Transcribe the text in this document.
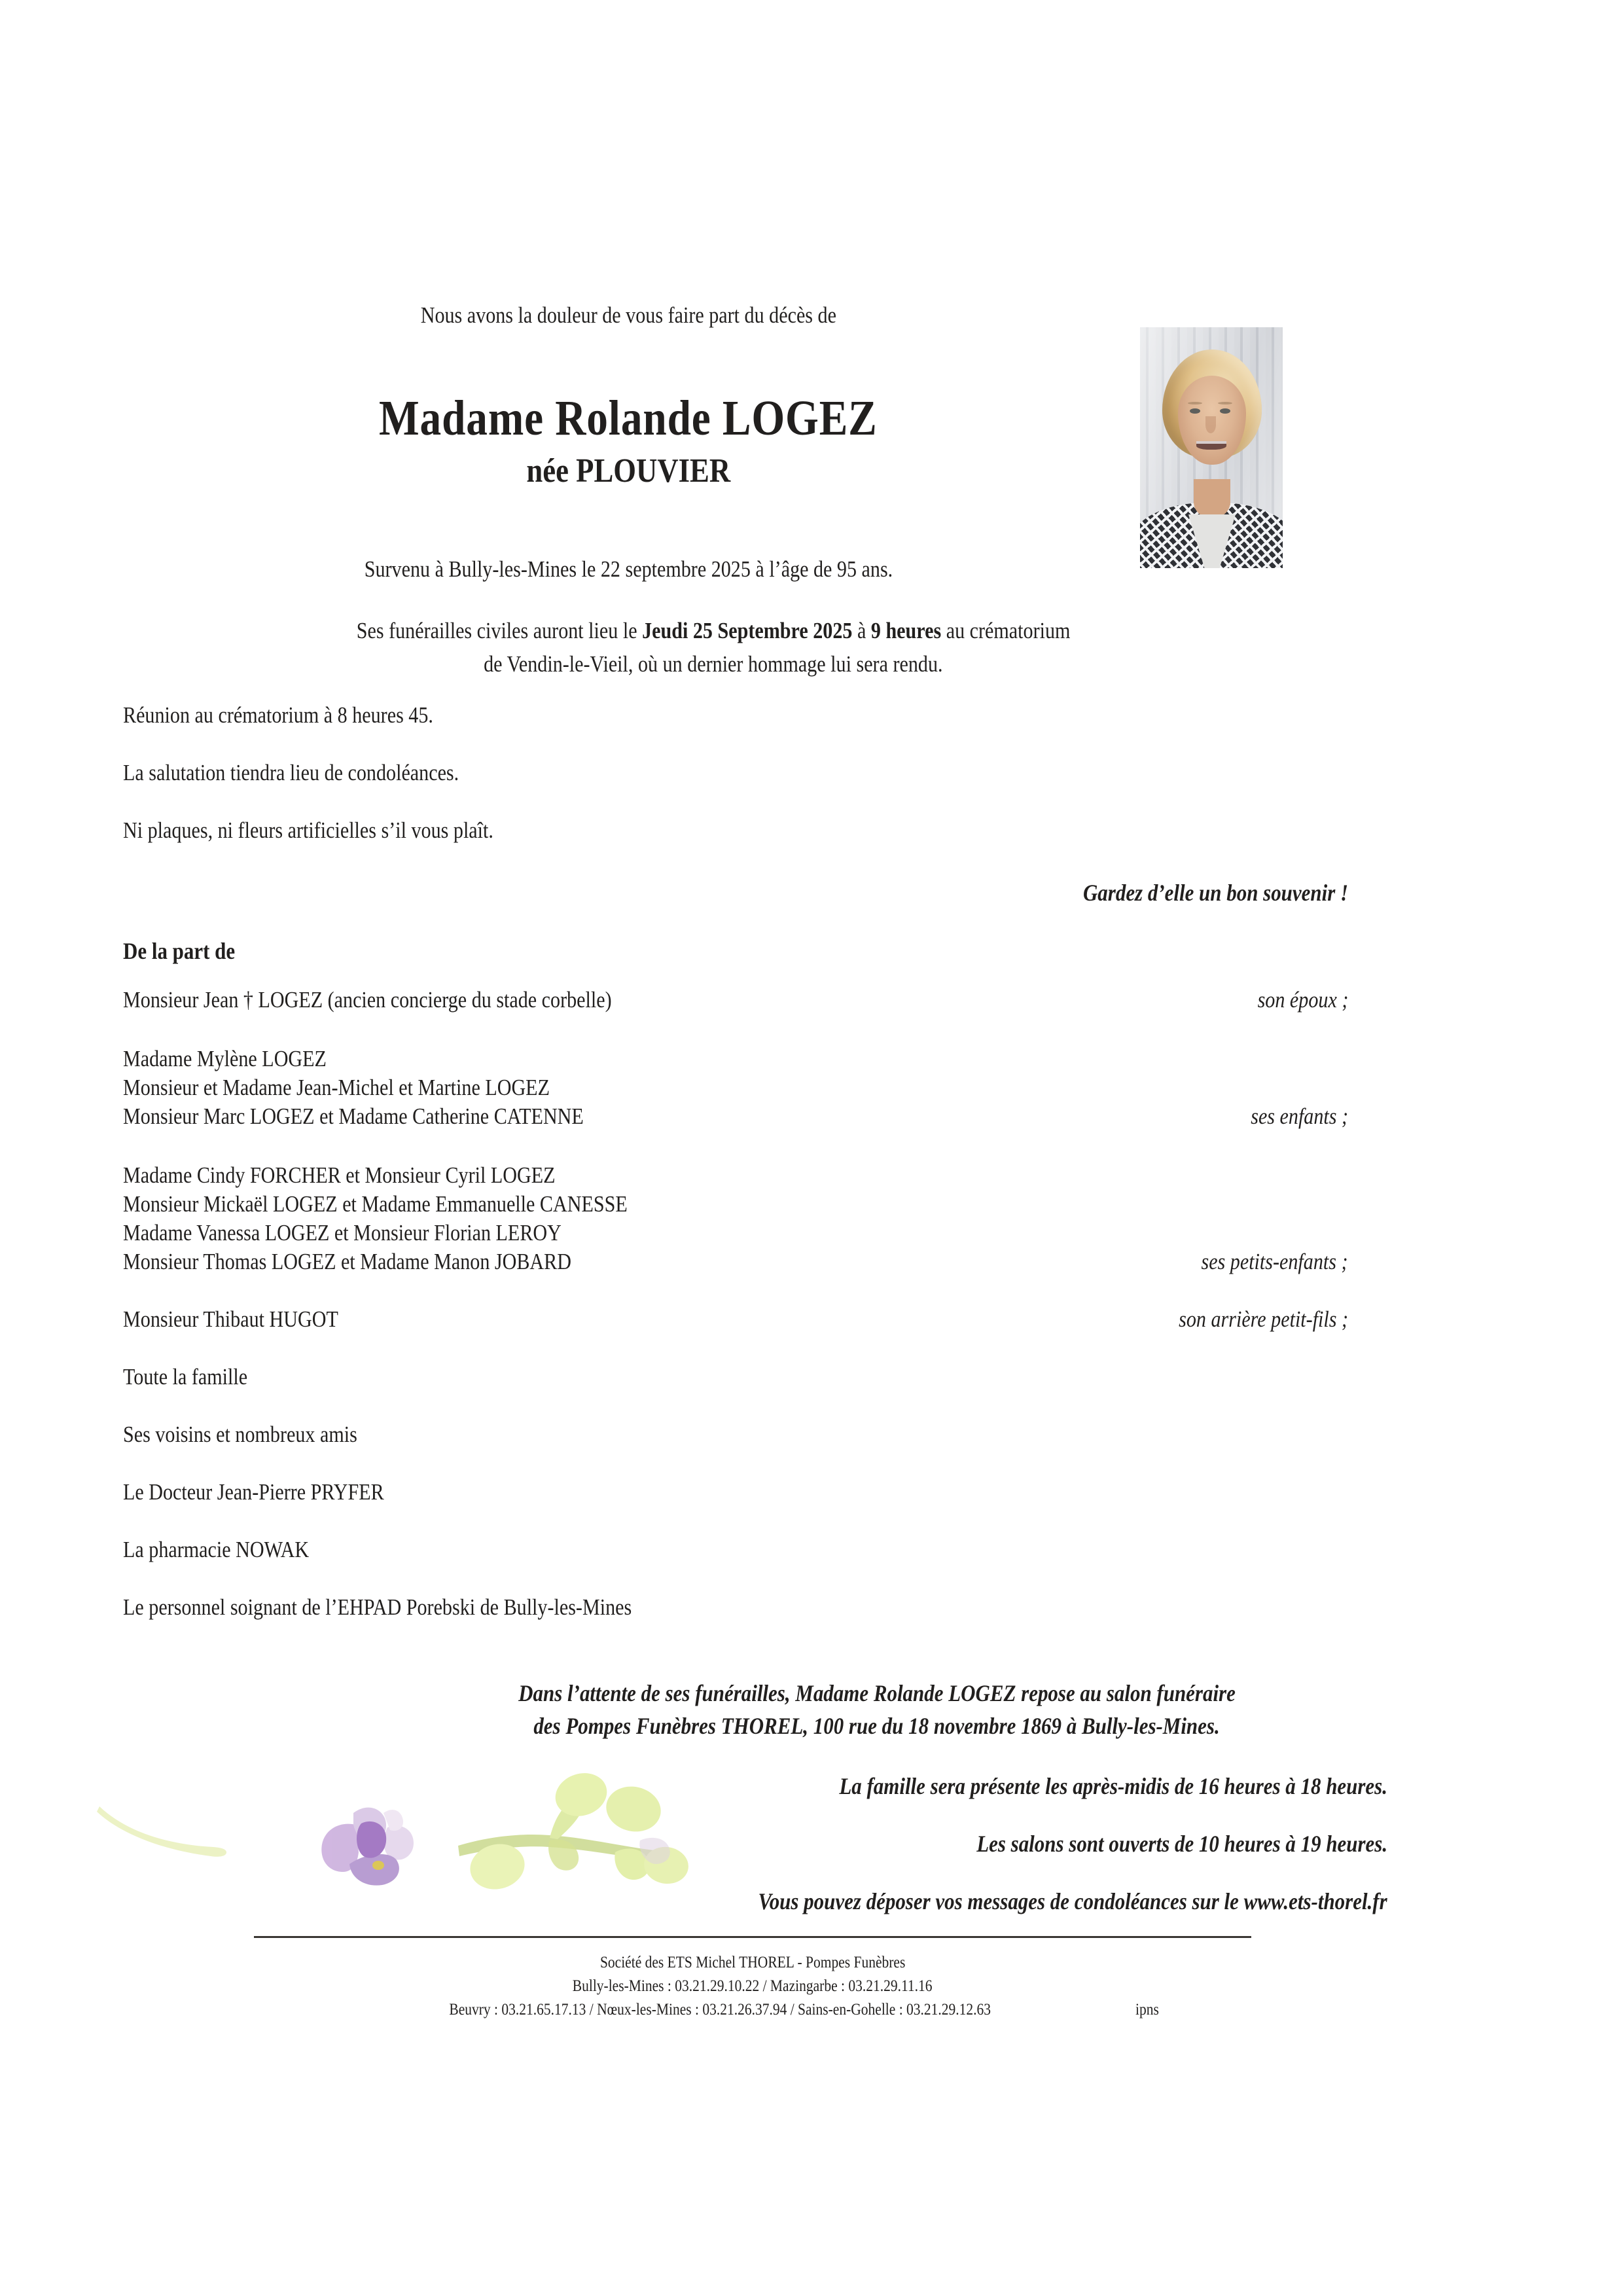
Nous avons la douleur de vous faire part du décès de
Madame Rolande LOGEZ
née PLOUVIER
Survenu à Bully-les-Mines le 22 septembre 2025 à l’âge de 95 ans.
Ses funérailles civiles auront lieu le Jeudi 25 Septembre 2025 à 9 heures au crématorium
de Vendin-le-Vieil, où un dernier hommage lui sera rendu.
Réunion au crématorium à 8 heures 45.
La salutation tiendra lieu de condoléances.
Ni plaques, ni fleurs artificielles s’il vous plaît.
Gardez d’elle un bon souvenir !
De la part de
Monsieur Jean † LOGEZ (ancien concierge du stade corbelle)	son époux ;
Madame Mylène LOGEZ
Monsieur et Madame Jean-Michel et Martine LOGEZ
Monsieur Marc LOGEZ et Madame Catherine CATENNE	ses enfants ;
Madame Cindy FORCHER et Monsieur Cyril LOGEZ
Monsieur Mickaël LOGEZ et Madame Emmanuelle CANESSE
Madame Vanessa LOGEZ et Monsieur Florian LEROY
Monsieur Thomas LOGEZ et Madame Manon JOBARD	ses petits-enfants ;
Monsieur Thibaut HUGOT	son arrière petit-fils ;
Toute la famille
Ses voisins et nombreux amis
Le Docteur Jean-Pierre PRYFER
La pharmacie NOWAK
Le personnel soignant de l’EHPAD Porebski de Bully-les-Mines
Dans l’attente de ses funérailles, Madame Rolande LOGEZ repose au salon funéraire
des Pompes Funèbres THOREL, 100 rue du 18 novembre 1869 à Bully-les-Mines.
La famille sera présente les après-midis de 16 heures à 18 heures.
Les salons sont ouverts de 10 heures à 19 heures.
Vous pouvez déposer vos messages de condoléances sur le www.ets-thorel.fr
Société des ETS Michel THOREL - Pompes Funèbres
Bully-les-Mines : 03.21.29.10.22 / Mazingarbe : 03.21.29.11.16
Beuvry : 03.21.65.17.13 / Nœux-les-Mines : 03.21.26.37.94 / Sains-en-Gohelle : 03.21.29.12.63	ipns
